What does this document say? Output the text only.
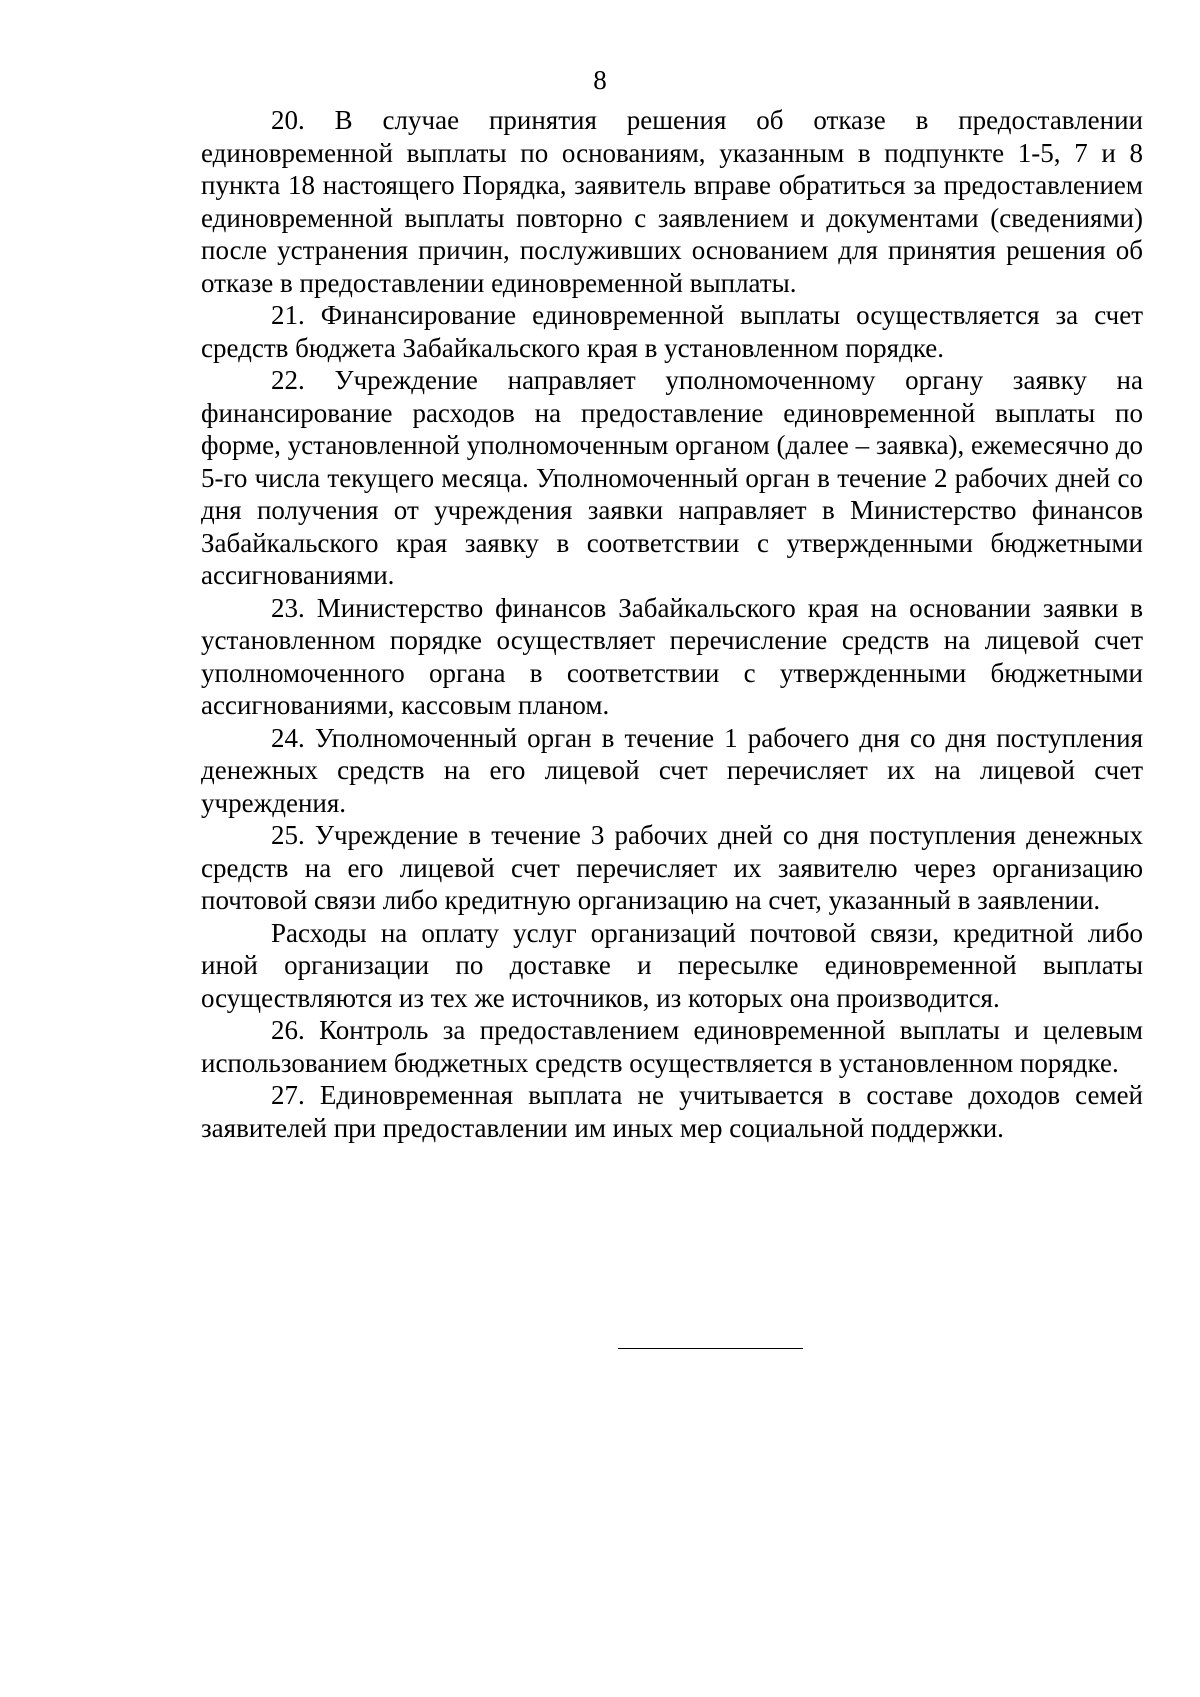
8

20. В случае принятия решения об отказе в предоставлении единовременной выплаты по основаниям, указанным в подпункте 1-5, 7 и 8 пункта 18 настоящего Порядка, заявитель вправе обратиться за предоставлением единовременной выплаты повторно с заявлением и документами (сведениями) после устранения причин, послуживших основанием для принятия решения об отказе в предоставлении единовременной выплаты.

21. Финансирование единовременной выплаты осуществляется за счет средств бюджета Забайкальского края в установленном порядке.

22. Учреждение направляет уполномоченному органу заявку на финансирование расходов на предоставление единовременной выплаты по форме, установленной уполномоченным органом (далее – заявка), ежемесячно до 5-го числа текущего месяца. Уполномоченный орган в течение 2 рабочих дней со дня получения от учреждения заявки направляет в Министерство финансов Забайкальского края заявку в соответствии с утвержденными бюджетными ассигнованиями.

23. Министерство финансов Забайкальского края на основании заявки в установленном порядке осуществляет перечисление средств на лицевой счет уполномоченного органа в соответствии с утвержденными бюджетными ассигнованиями, кассовым планом.

24. Уполномоченный орган в течение 1 рабочего дня со дня поступления денежных средств на его лицевой счет перечисляет их на лицевой счет учреждения.

25. Учреждение в течение 3 рабочих дней со дня поступления денежных средств на его лицевой счет перечисляет их заявителю через организацию почтовой связи либо кредитную организацию на счет, указанный в заявлении.

Расходы на оплату услуг организаций почтовой связи, кредитной либо иной организации по доставке и пересылке единовременной выплаты осуществляются из тех же источников, из которых она производится.

26. Контроль за предоставлением единовременной выплаты и целевым использованием бюджетных средств осуществляется в установленном порядке.

27. Единовременная выплата не учитывается в составе доходов семей заявителей при предоставлении им иных мер социальной поддержки.
